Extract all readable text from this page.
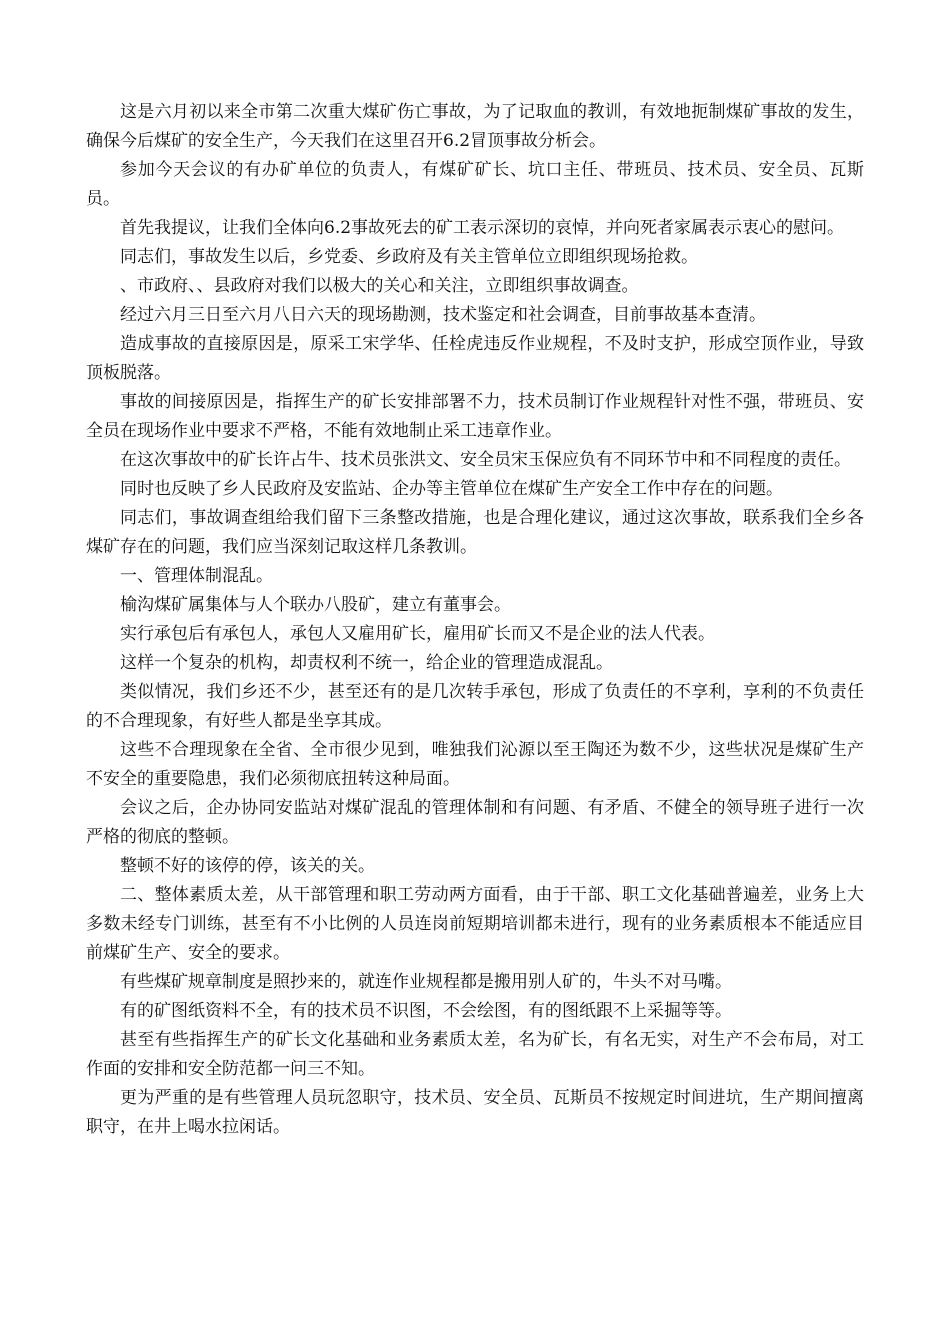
这是六月初以来全市第二次重大煤矿伤亡事故，为了记取血的教训，有效地扼制煤矿事故的发生，确保今后煤矿的安全生产，今天我们在这里召开6.2冒顶事故分析会。

参加今天会议的有办矿单位的负责人，有煤矿矿长、坑口主任、带班员、技术员、安全员、瓦斯员。

首先我提议，让我们全体向6.2事故死去的矿工表示深切的哀悼，并向死者家属表示衷心的慰问。

同志们，事故发生以后，乡党委、乡政府及有关主管单位立即组织现场抢救。

、市政府、、县政府对我们以极大的关心和关注，立即组织事故调查。

经过六月三日至六月八日六天的现场勘测，技术鉴定和社会调查，目前事故基本查清。

造成事故的直接原因是，原采工宋学华、任栓虎违反作业规程，不及时支护，形成空顶作业，导致顶板脱落。

事故的间接原因是，指挥生产的矿长安排部署不力，技术员制订作业规程针对性不强，带班员、安全员在现场作业中要求不严格，不能有效地制止采工违章作业。

在这次事故中的矿长许占牛、技术员张洪文、安全员宋玉保应负有不同环节中和不同程度的责任。

同时也反映了乡人民政府及安监站、企办等主管单位在煤矿生产安全工作中存在的问题。

同志们，事故调查组给我们留下三条整改措施，也是合理化建议，通过这次事故，联系我们全乡各煤矿存在的问题，我们应当深刻记取这样几条教训。

一、管理体制混乱。

榆沟煤矿属集体与人个联办八股矿，建立有董事会。

实行承包后有承包人，承包人又雇用矿长，雇用矿长而又不是企业的法人代表。

这样一个复杂的机构，却责权利不统一，给企业的管理造成混乱。

类似情况，我们乡还不少，甚至还有的是几次转手承包，形成了负责任的不享利，享利的不负责任的不合理现象，有好些人都是坐享其成。

这些不合理现象在全省、全市很少见到，唯独我们沁源以至王陶还为数不少，这些状况是煤矿生产不安全的重要隐患，我们必须彻底扭转这种局面。

会议之后，企办协同安监站对煤矿混乱的管理体制和有问题、有矛盾、不健全的领导班子进行一次严格的彻底的整顿。

整顿不好的该停的停，该关的关。

二、整体素质太差，从干部管理和职工劳动两方面看，由于干部、职工文化基础普遍差，业务上大多数未经专门训练，甚至有不小比例的人员连岗前短期培训都未进行，现有的业务素质根本不能适应目前煤矿生产、安全的要求。

有些煤矿规章制度是照抄来的，就连作业规程都是搬用别人矿的，牛头不对马嘴。

有的矿图纸资料不全，有的技术员不识图，不会绘图，有的图纸跟不上采掘等等。

甚至有些指挥生产的矿长文化基础和业务素质太差，名为矿长，有名无实，对生产不会布局，对工作面的安排和安全防范都一问三不知。

更为严重的是有些管理人员玩忽职守，技术员、安全员、瓦斯员不按规定时间进坑，生产期间擅离职守，在井上喝水拉闲话。
